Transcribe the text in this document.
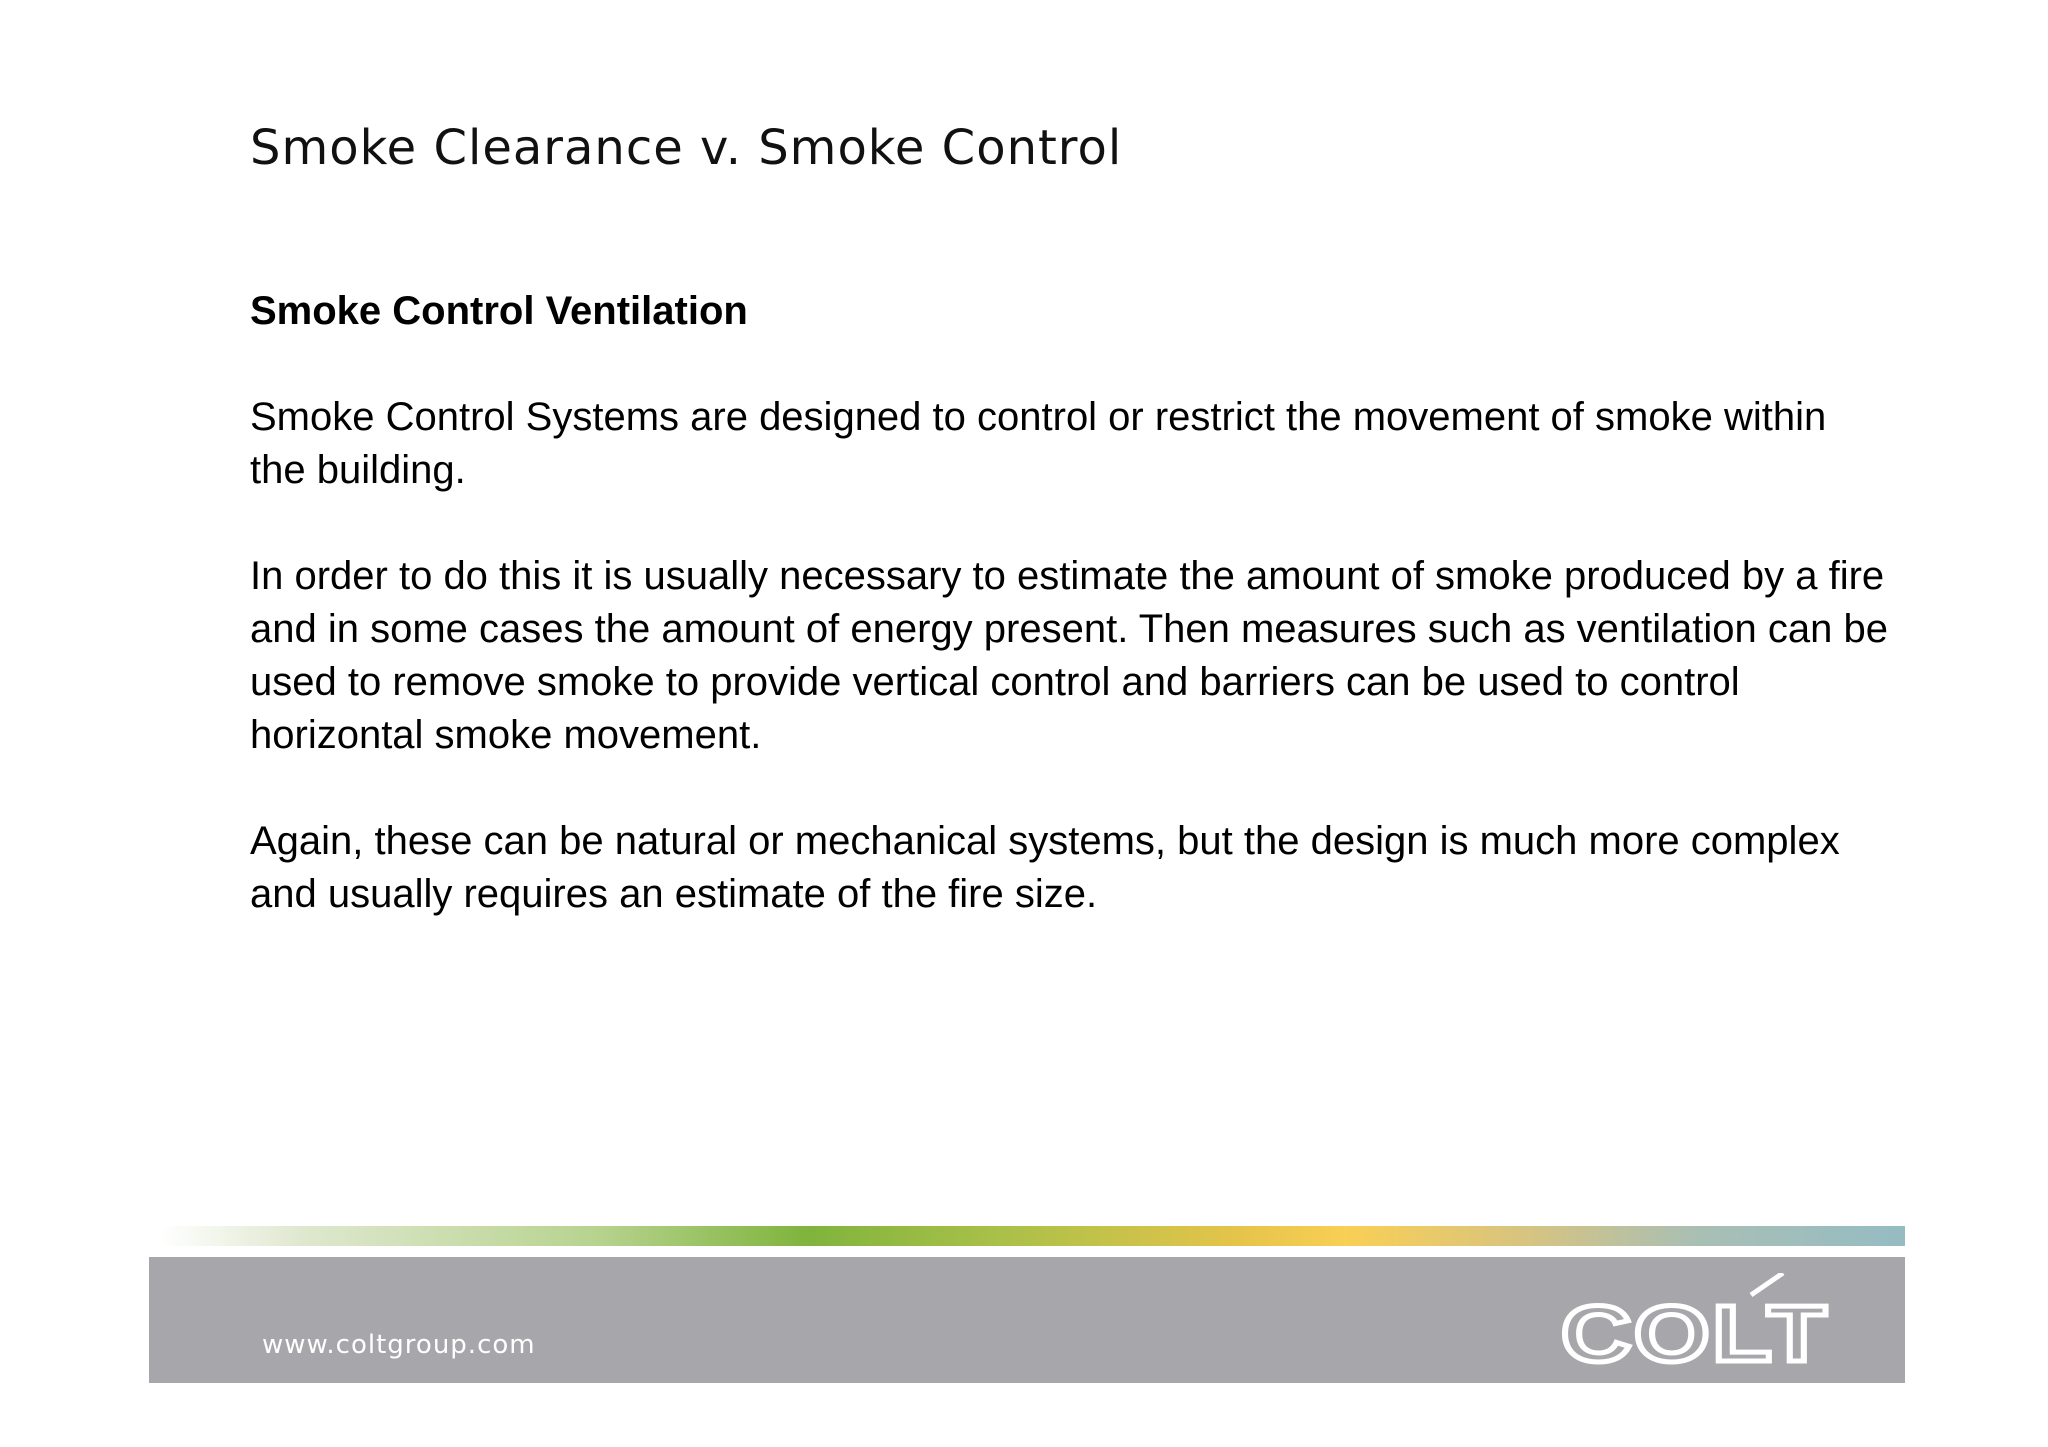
Smoke Clearance v. Smoke Control
Smoke Control Ventilation
Smoke Control Systems are designed to control or restrict the movement of smoke within the building.
In order to do this it is usually necessary to estimate the amount of smoke produced by a fire and in some cases the amount of energy present. Then measures such as ventilation can be used to remove smoke to provide vertical control and barriers can be used to control horizontal smoke movement.
Again, these can be natural or mechanical systems, but the design is much more complex and usually requires an estimate of the fire size.
www.coltgroup.com	COLT
